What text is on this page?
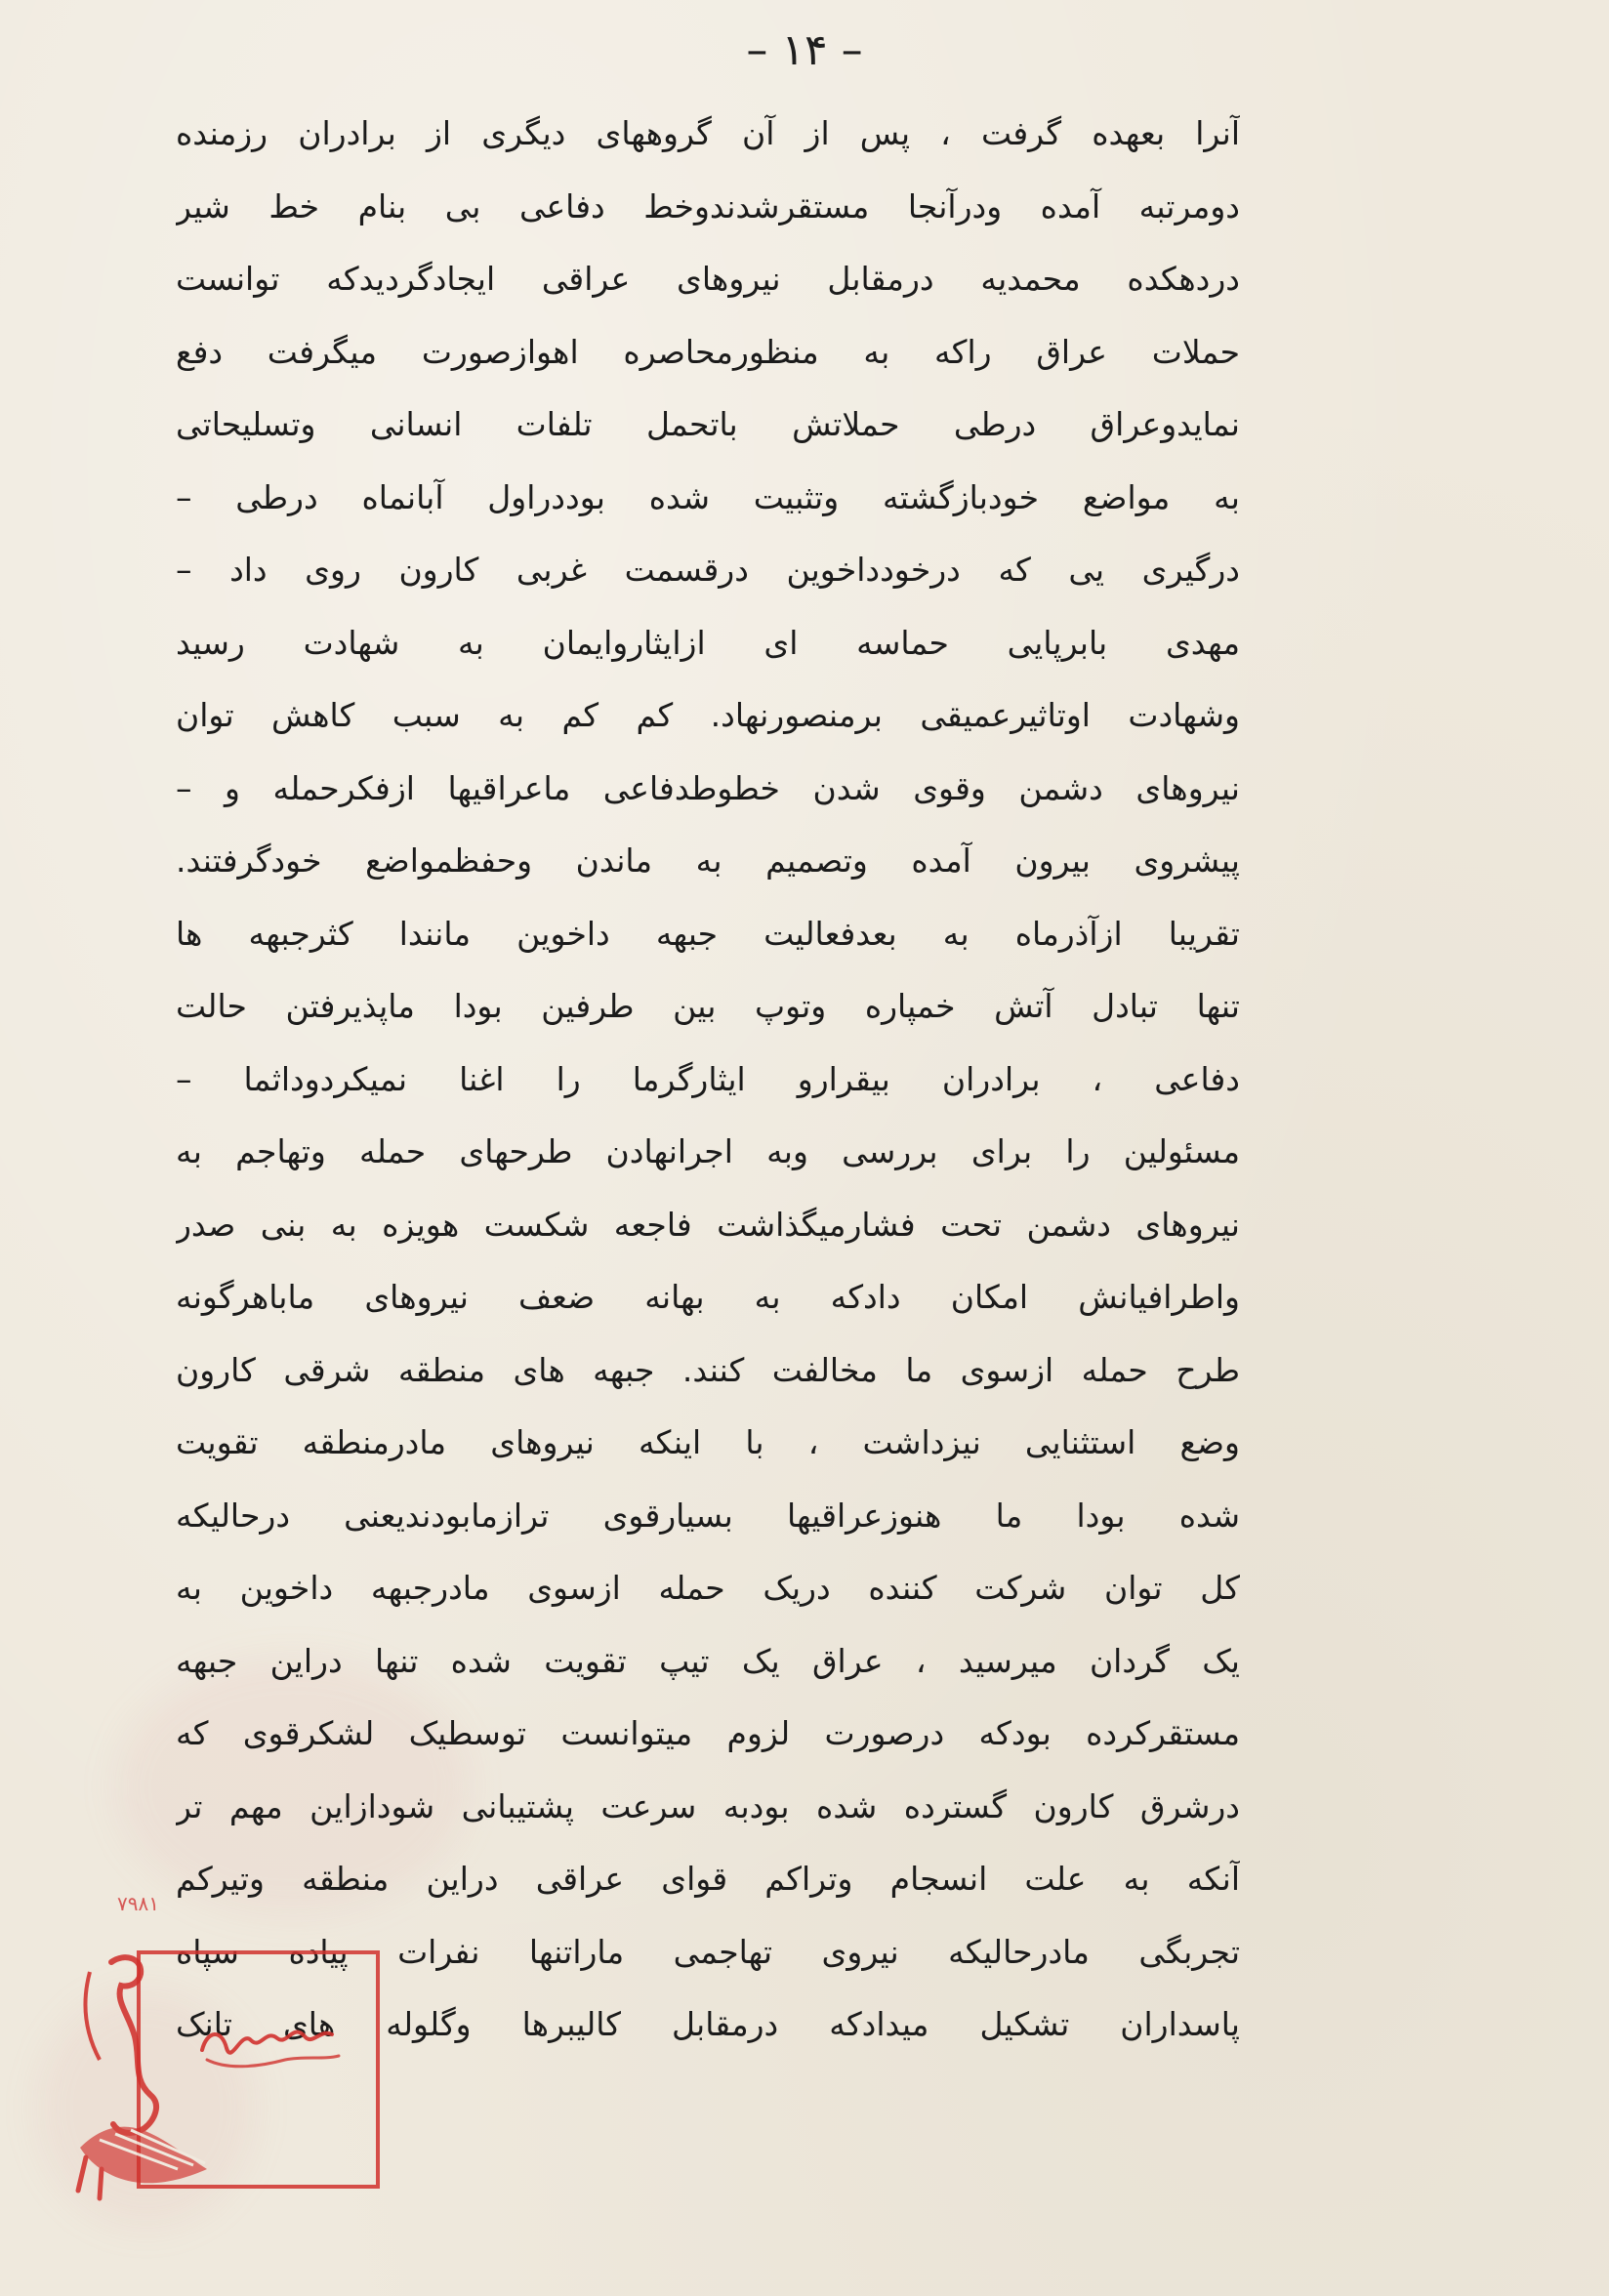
– ۱۴ –
آنرا بعهده گرفت ، پس از آن گروههای دیگری از برادران رزمنده
دومرتبه آمده ودرآنجا مستقرشدندوخط دفاعی بی بنام خط شیر
دردهکده محمدیه درمقابل نیروهای عراقی ایجادگردیدکه توانست
حملات عراق راکه به منظورمحاصره اهوازصورت میگرفت دفع
نمایدوعراق درطی حملاتش باتحمل تلفات انسانی وتسلیحاتی
به مواضع خودبازگشته وتثبیت شده بوددراول آبانماه درطی –
درگیری یی که درخودداخوین درقسمت غربی کارون روی داد –
مهدی بابرپایی حماسه ای ازایثاروایمان به شهادت رسید
وشهادت اوتاثیرعمیقی برمنصورنهاد. کم کم به سبب کاهش توان
نیروهای دشمن وقوی شدن خطوطدفاعی ماعراقیها ازفکرحمله و –
پیشروی بیرون آمده وتصمیم به ماندن وحفظمواضع خودگرفتند.
تقریبا ازآذرماه به بعدفعالیت جبهه داخوین مانندا کثرجبهه ها
تنها تبادل آتش خمپاره وتوپ بین طرفین بودا ماپذیرفتن حالت
دفاعی ، برادران بیقرارو ایثارگرما را اغنا نمیکردوداثما –
مسئولین را برای بررسی وبه اجرانهادن طرحهای حمله وتهاجم به
نیروهای دشمن تحت فشارمیگذاشت فاجعه شکست هویزه به بنی صدر
واطرافیانش امکان دادکه به بهانه ضعف نیروهای ماباهرگونه
طرح حمله ازسوی ما مخالفت کنند. جبهه های منطقه شرقی کارون
وضع استثنایی نیزداشت ، با اینکه نیروهای مادرمنطقه تقویت
شده بودا ما هنوزعراقیها بسیارقوی ترازمابودندیعنی درحالیکه
کل توان شرکت کننده دریک حمله ازسوی مادرجبهه داخوین به
یک گردان میرسید ، عراق یک تیپ تقویت شده تنها دراین جبهه
مستقرکرده بودکه درصورت لزوم میتوانست توسطیک لشکرقوی که
درشرق کارون گسترده شده بودبه سرعت پشتیبانی شودازاین مهم تر
آنکه به علت انسجام وتراکم قوای عراقی دراین منطقه وتیرکم
تجربگی مادرحالیکه نیروی تهاجمی ماراتنها نفرات پیاده سپاه
پاسداران تشکیل میدادکه درمقابل کالیبرها وگلوله های تانک
۷۹۸۱
